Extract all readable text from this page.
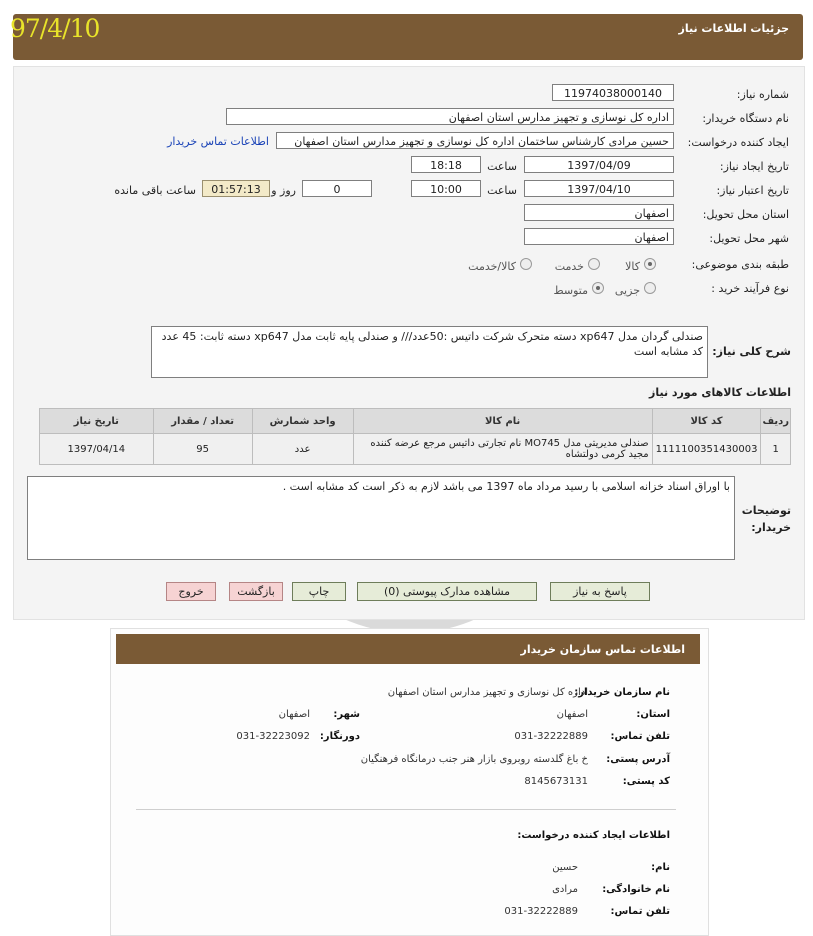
97/4/10	جزئیات اطلاعات نیاز
شماره نیاز:
11974038000140
نام دستگاه خریدار:
اداره کل نوسازی و تجهیز مدارس استان اصفهان
ایجاد کننده درخواست:
حسین مرادی کارشناس ساختمان اداره کل نوسازی و تجهیز مدارس استان اصفهان
اطلاعات تماس خریدار
تاریخ ایجاد نیاز:
1397/04/09
ساعت
18:18
تاریخ اعتبار نیاز:
1397/04/10
ساعت
10:00
0
روز و
01:57:13
ساعت باقی مانده
استان محل تحویل:
اصفهان
شهر محل تحویل:
اصفهان
طبقه بندی موضوعی:
کالا
خدمت
کالا/خدمت
نوع فرآیند خرید :
جزیی
متوسط
شرح کلی نیاز:
صندلی گردان مدل xp647 دسته متحرک شرکت داتیس :50عدد/// و صندلی پایه ثابت مدل xp647 دسته ثابت: 45 عدد کد مشابه است
اطلاعات کالاهای مورد نیاز
ردیف	کد کالا	نام کالا	واحد شمارش	تعداد / مقدار	تاریخ نیاز
1	1111100351430003	صندلی مدیریتی مدل MO745 نام تجارتی داتیس مرجع عرضه کننده مجید کرمی دولتشاه	عدد	95	1397/04/14
توضیحات خریدار:
با اوراق اسناد خزانه اسلامی با رسید مرداد ماه 1397 می باشد لازم به ذکر است کد مشابه است .
پاسخ به نیاز
مشاهده مدارک پیوستی (0)
چاپ
بازگشت
خروج
اطلاعات تماس سازمان خریدار
نام سازمان خریدار:
اداره کل نوسازی و تجهیز مدارس استان اصفهان
استان:
اصفهان
شهر:
اصفهان
تلفن تماس:
031-32222889
دورنگار:
031-32223092
آدرس پستی:
خ باغ گلدسته روبروی بازار هنر جنب درمانگاه فرهنگیان
کد پستی:
8145673131
اطلاعات ایجاد کننده درخواست:
نام:
حسین
نام خانوادگی:
مرادی
تلفن تماس:
031-32222889
